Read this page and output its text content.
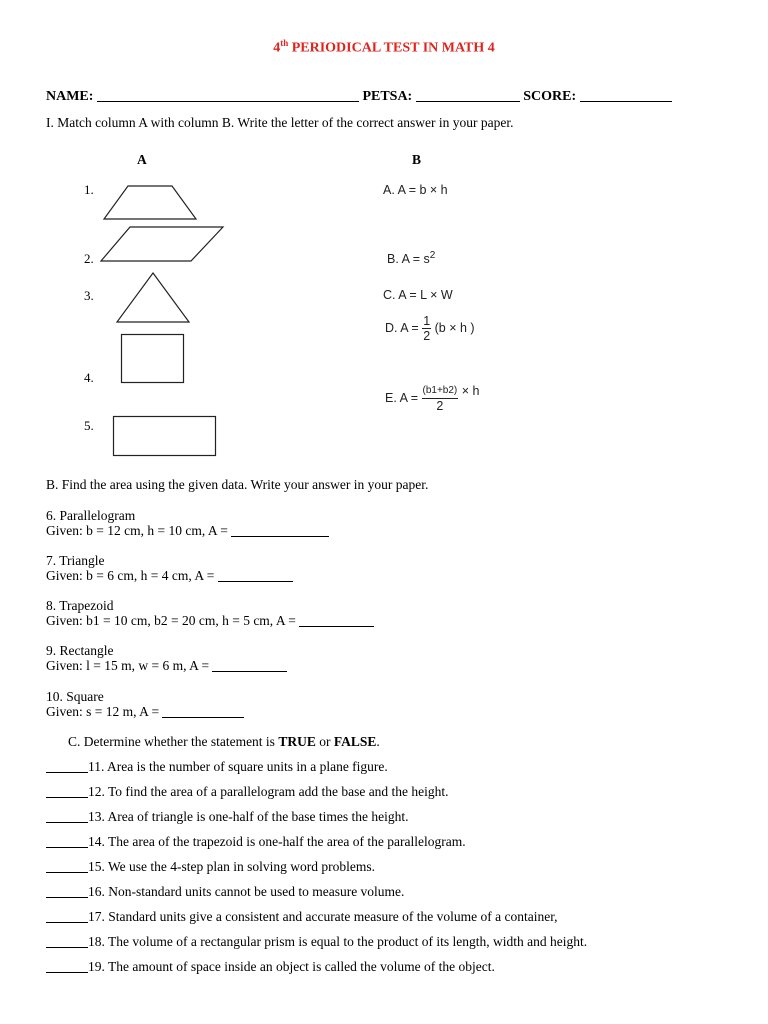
4th PERIODICAL TEST IN MATH 4
NAME:	PETSA:	SCORE:
I. Match column A with column B. Write the letter of the correct answer in your paper.
A	B
1.
2.
3.
4.
5.
A. A = b × h
B. $A = s^2$
C. A = L × W
D. $A = \frac{1}{2} (b \times h$ )
E. $A = \frac{(b1+b2)}{2} \times h$
B. Find the area using the given data. Write your answer in your paper.
6. Parallelogram
Given: b = 12 cm, h = 10 cm, A =
7. Triangle
Given: b = 6 cm, h = 4 cm, A =
8. Trapezoid
Given: b1 = 10 cm, b2 = 20 cm, h = 5 cm, A =
9. Rectangle
Given: l = 15 m, w = 6 m, A =
10. Square
Given: s = 12 m, A =
C. Determine whether the statement is TRUE or FALSE.
11. Area is the number of square units in a plane figure.
12. To find the area of a parallelogram add the base and the height.
13. Area of triangle is one-half of the base times the height.
14. The area of the trapezoid is one-half the area of the parallelogram.
15. We use the 4-step plan in solving word problems.
16. Non-standard units cannot be used to measure volume.
17. Standard units give a consistent and accurate measure of the volume of a container,
18. The volume of a rectangular prism is equal to the product of its length, width and height.
19. The amount of space inside an object is called the volume of the object.
